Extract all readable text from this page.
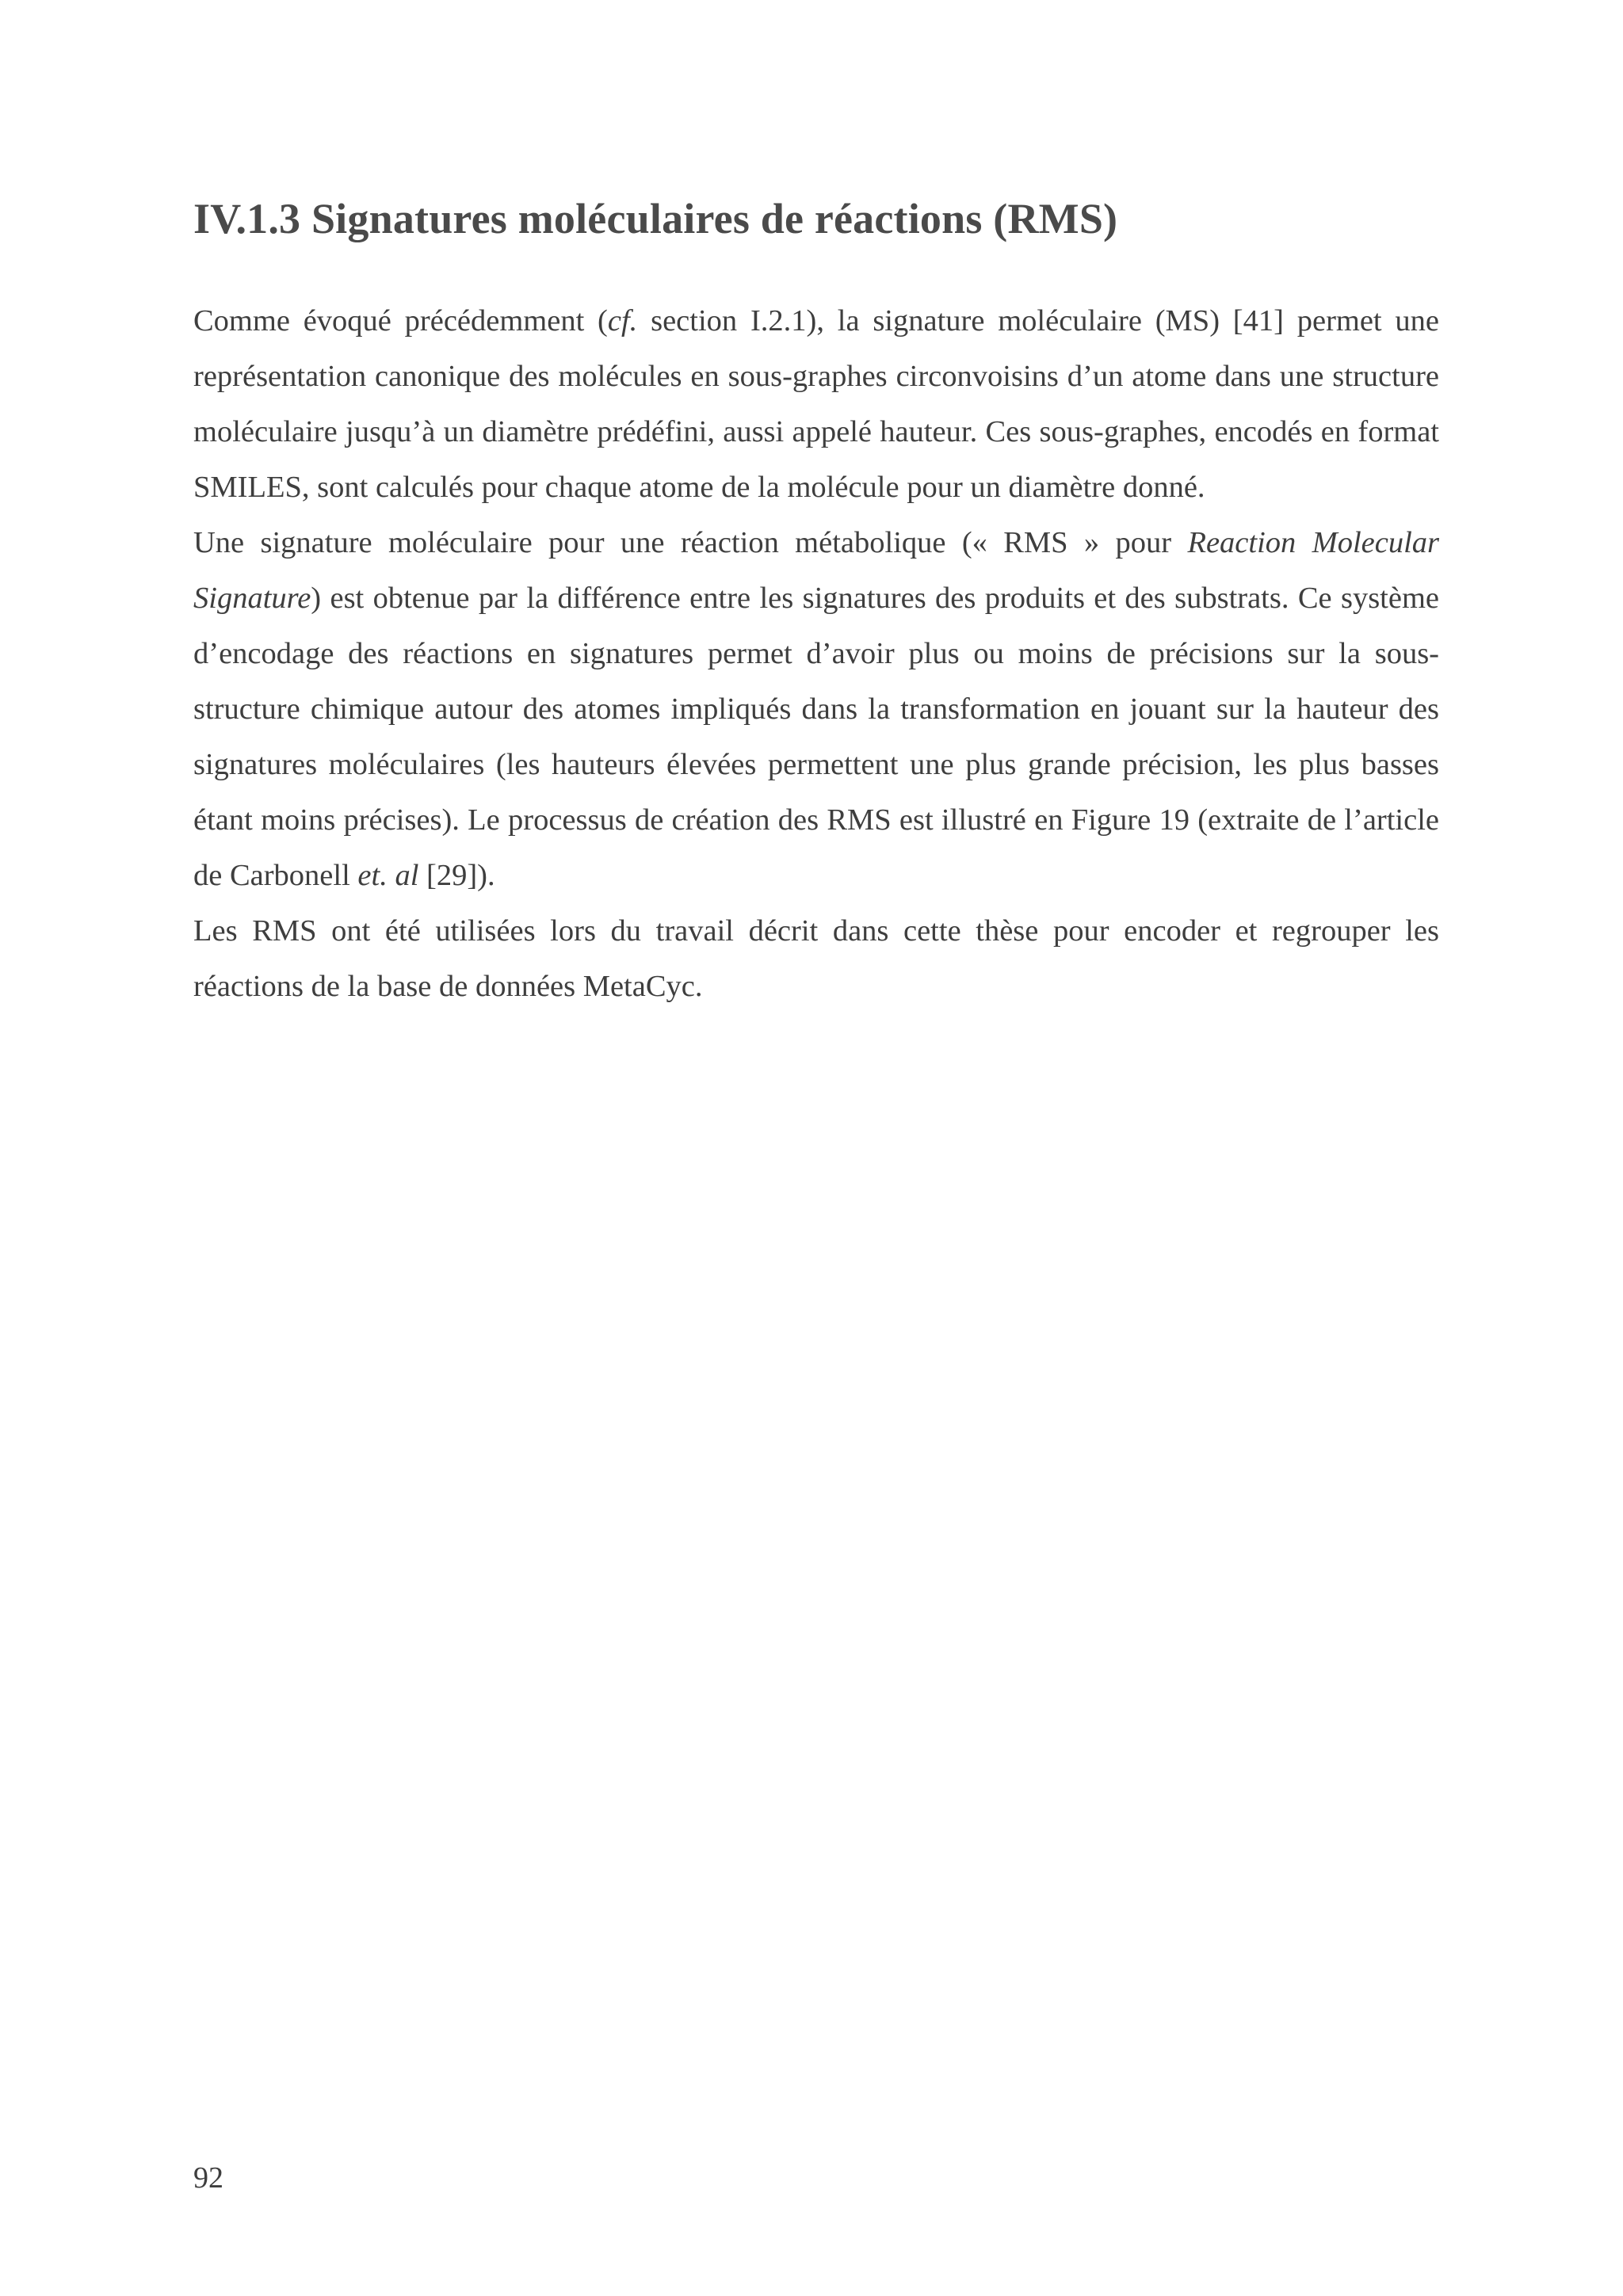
IV.1.3 Signatures moléculaires de réactions (RMS)

Comme évoqué précédemment (cf. section I.2.1), la signature moléculaire (MS) [41] permet une représentation canonique des molécules en sous-graphes circonvoisins d’un atome dans une structure moléculaire jusqu’à un diamètre prédéfini, aussi appelé hauteur. Ces sous-graphes, encodés en format SMILES, sont calculés pour chaque atome de la molécule pour un diamètre donné.

Une signature moléculaire pour une réaction métabolique (« RMS » pour Reaction Molecular Signature) est obtenue par la différence entre les signatures des produits et des substrats. Ce système d’encodage des réactions en signatures permet d’avoir plus ou moins de précisions sur la sous-structure chimique autour des atomes impliqués dans la transformation en jouant sur la hauteur des signatures moléculaires (les hauteurs élevées permettent une plus grande précision, les plus basses étant moins précises). Le processus de création des RMS est illustré en Figure 19 (extraite de l’article de Carbonell et. al [29]).

Les RMS ont été utilisées lors du travail décrit dans cette thèse pour encoder et regrouper les réactions de la base de données MetaCyc.

92
